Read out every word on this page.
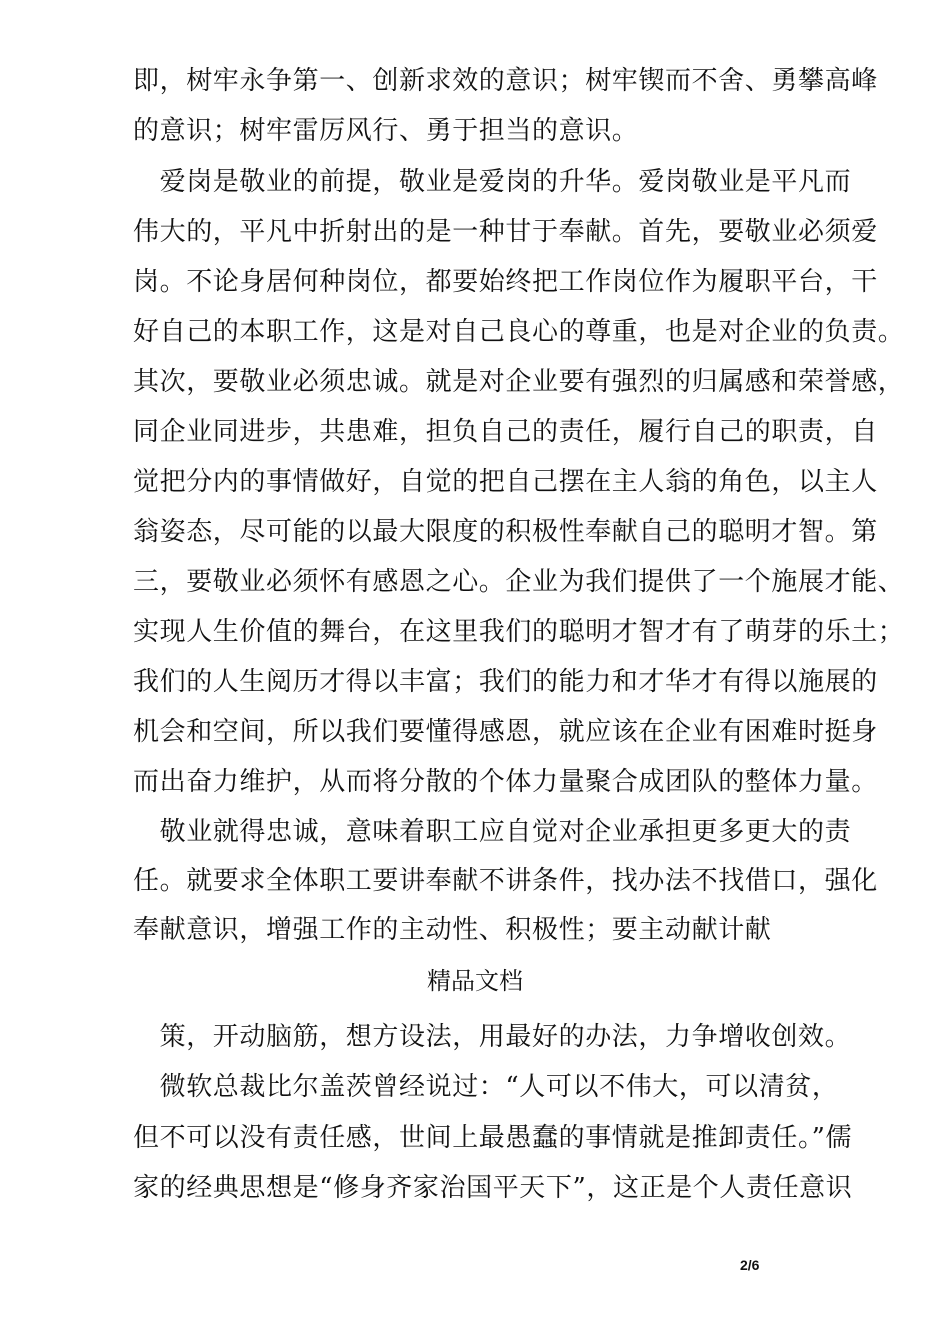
即，树牢永争第一、创新求效的意识；树牢锲而不舍、勇攀高峰
的意识；树牢雷厉风行、勇于担当的意识。
　爱岗是敬业的前提，敬业是爱岗的升华。爱岗敬业是平凡而
伟大的，平凡中折射出的是一种甘于奉献。首先，要敬业必须爱
岗。不论身居何种岗位，都要始终把工作岗位作为履职平台，干
好自己的本职工作，这是对自己良心的尊重，也是对企业的负责。
其次，要敬业必须忠诚。就是对企业要有强烈的归属感和荣誉感，
同企业同进步，共患难，担负自己的责任，履行自己的职责，自
觉把分内的事情做好，自觉的把自己摆在主人翁的角色，以主人
翁姿态，尽可能的以最大限度的积极性奉献自己的聪明才智。第
三，要敬业必须怀有感恩之心。企业为我们提供了一个施展才能、
实现人生价值的舞台，在这里我们的聪明才智才有了萌芽的乐土；
我们的人生阅历才得以丰富；我们的能力和才华才有得以施展的
机会和空间，所以我们要懂得感恩，就应该在企业有困难时挺身
而出奋力维护，从而将分散的个体力量聚合成团队的整体力量。
　敬业就得忠诚，意味着职工应自觉对企业承担更多更大的责
任。就要求全体职工要讲奉献不讲条件，找办法不找借口，强化
奉献意识，增强工作的主动性、积极性；要主动献计献
精品文档
　策，开动脑筋，想方设法，用最好的办法，力争增收创效。
　微软总裁比尔盖茨曾经说过：“人可以不伟大，可以清贫，
但不可以没有责任感，世间上最愚蠢的事情就是推卸责任。”儒
家的经典思想是“修身齐家治国平天下”，这正是个人责任意识
2/6
